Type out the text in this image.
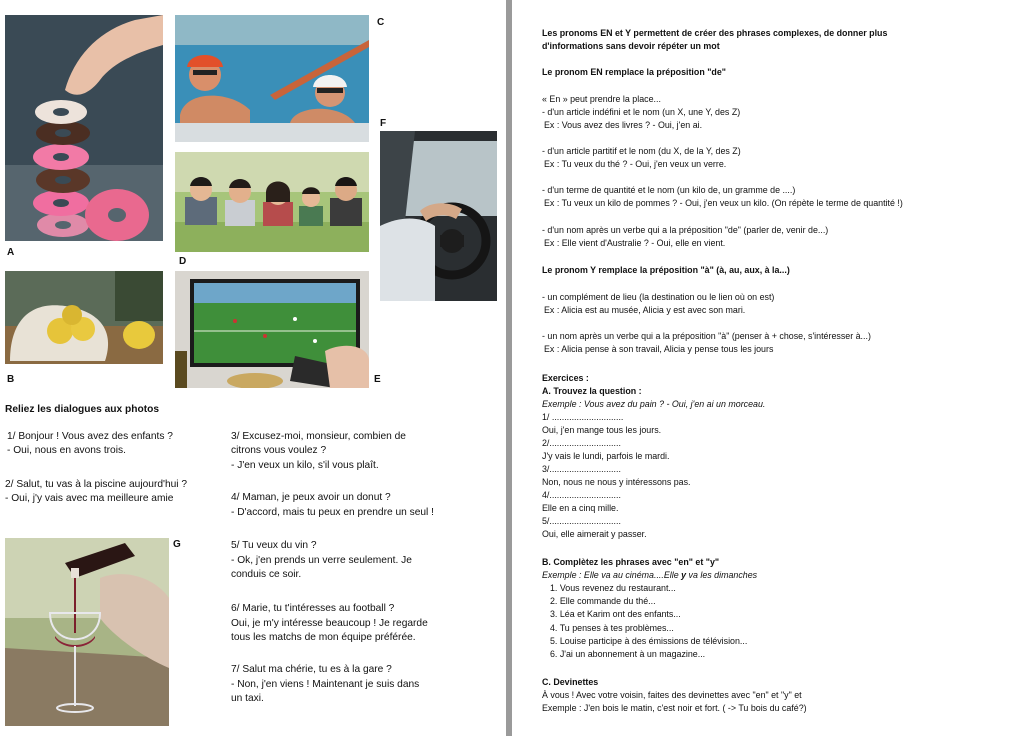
A
B
C
D
E
F
G
Reliez les dialogues aux photos
1/ Bonjour ! Vous avez des enfants ?
- Oui, nous en avons trois.
2/ Salut, tu vas à la piscine aujourd'hui ?
- Oui, j'y vais avec ma meilleure amie
3/ Excusez-moi, monsieur, combien de
citrons vous voulez ?
- J'en veux un kilo, s'il vous plaît.
4/ Maman, je peux avoir un donut ?
- D'accord, mais tu peux en prendre un seul !
5/ Tu veux du vin ?
- Ok, j'en prends un verre seulement. Je
conduis ce soir.
6/ Marie, tu t'intéresses au football ?
Oui, je m'y intéresse beaucoup ! Je regarde
tous les matchs de mon équipe préférée.
7/ Salut ma chérie, tu es à la gare ?
- Non, j'en viens ! Maintenant je suis dans
un taxi.
Les pronoms EN et Y permettent de créer des phrases complexes, de donner plus
d'informations sans devoir répéter un mot
Le pronom EN remplace la préposition "de"
« En » peut prendre la place...
- d'un article indéfini et le nom (un X, une Y, des Z)
Ex : Vous avez des livres ? - Oui, j'en ai.
- d'un article partitif et le nom (du X, de la Y, des Z)
Ex : Tu veux du thé ? - Oui, j'en veux un verre.
- d'un terme de quantité et le nom (un kilo de, un gramme de ....)
Ex : Tu veux un kilo de pommes ? - Oui, j'en veux un kilo. (On répète le terme de quantité !)
- d'un nom après un verbe qui a la préposition "de" (parler de, venir de...)
Ex : Elle vient d'Australie ? - Oui, elle en vient.
Le pronom Y remplace la préposition "à" (à, au, aux, à la...)
- un complément de lieu (la destination ou le lien où on est)
Ex : Alicia est au musée, Alicia y est avec son mari.
- un nom après un verbe qui a la préposition "à" (penser à + chose, s'intéresser à...)
Ex : Alicia pense à son travail, Alicia y pense tous les jours
Exercices :
A. Trouvez la question :
Exemple : Vous avez du pain ? - Oui, j'en ai un morceau.
1/ .............................
Oui, j'en mange tous les jours.
2/.............................
J'y vais le lundi, parfois le mardi.
3/.............................
Non, nous ne nous y intéressons pas.
4/.............................
Elle en a cinq mille.
5/.............................
Oui, elle aimerait y passer.
B. Complètez les phrases avec "en" et "y"
Exemple : Elle va au cinéma....Elle y va les dimanches
1. Vous revenez du restaurant...
2. Elle commande du thé...
3. Léa et Karim ont des enfants...
4. Tu penses à tes problèmes...
5. Louise participe à des émissions de télévision...
6. J'ai un abonnement à un magazine...
C. Devinettes
À vous ! Avec votre voisin, faites des devinettes avec "en" et "y" et
Exemple : J'en bois le matin, c'est noir et fort. ( -> Tu bois du café?)
